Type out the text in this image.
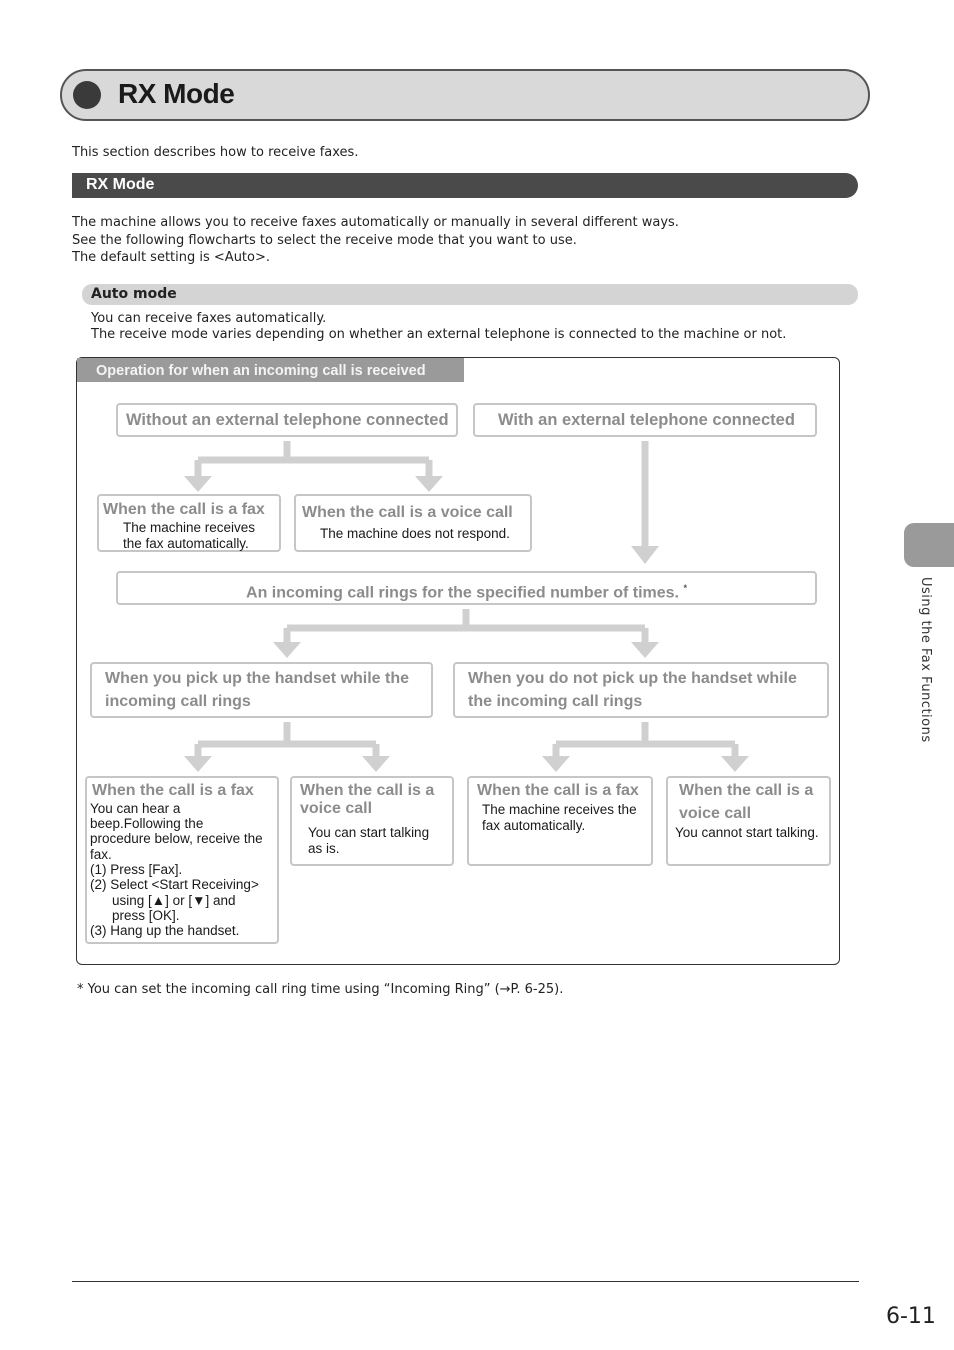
RX Mode
This section describes how to receive faxes.
RX Mode
The machine allows you to receive faxes automatically or manually in several different ways.
See the following flowcharts to select the receive mode that you want to use.
The default setting is <Auto>.
Auto mode
You can receive faxes automatically.
The receive mode varies depending on whether an external telephone is connected to the machine or not.
Operation for when an incoming call is received
Without an external telephone connected	With an external telephone connected
When the call is a fax
The machine receives
the fax automatically.
When the call is a voice call
The machine does not respond.
An incoming call rings for the specified number of times. *
When you pick up the handset while the
incoming call rings
When you do not pick up the handset while
the incoming call rings
When the call is a fax
You can hear a
beep.Following the
procedure below, receive the
fax.
(1) Press [Fax].
(2) Select <Start Receiving>
using [▲] or [▼] and
press [OK].
(3) Hang up the handset.
When the call is a
voice call
You can start talking
as is.
When the call is a fax
The machine receives the
fax automatically.
When the call is a
voice call
You cannot start talking.
* You can set the incoming call ring time using “Incoming Ring” (→P. 6-25).
Using the Fax Functions
6-11
